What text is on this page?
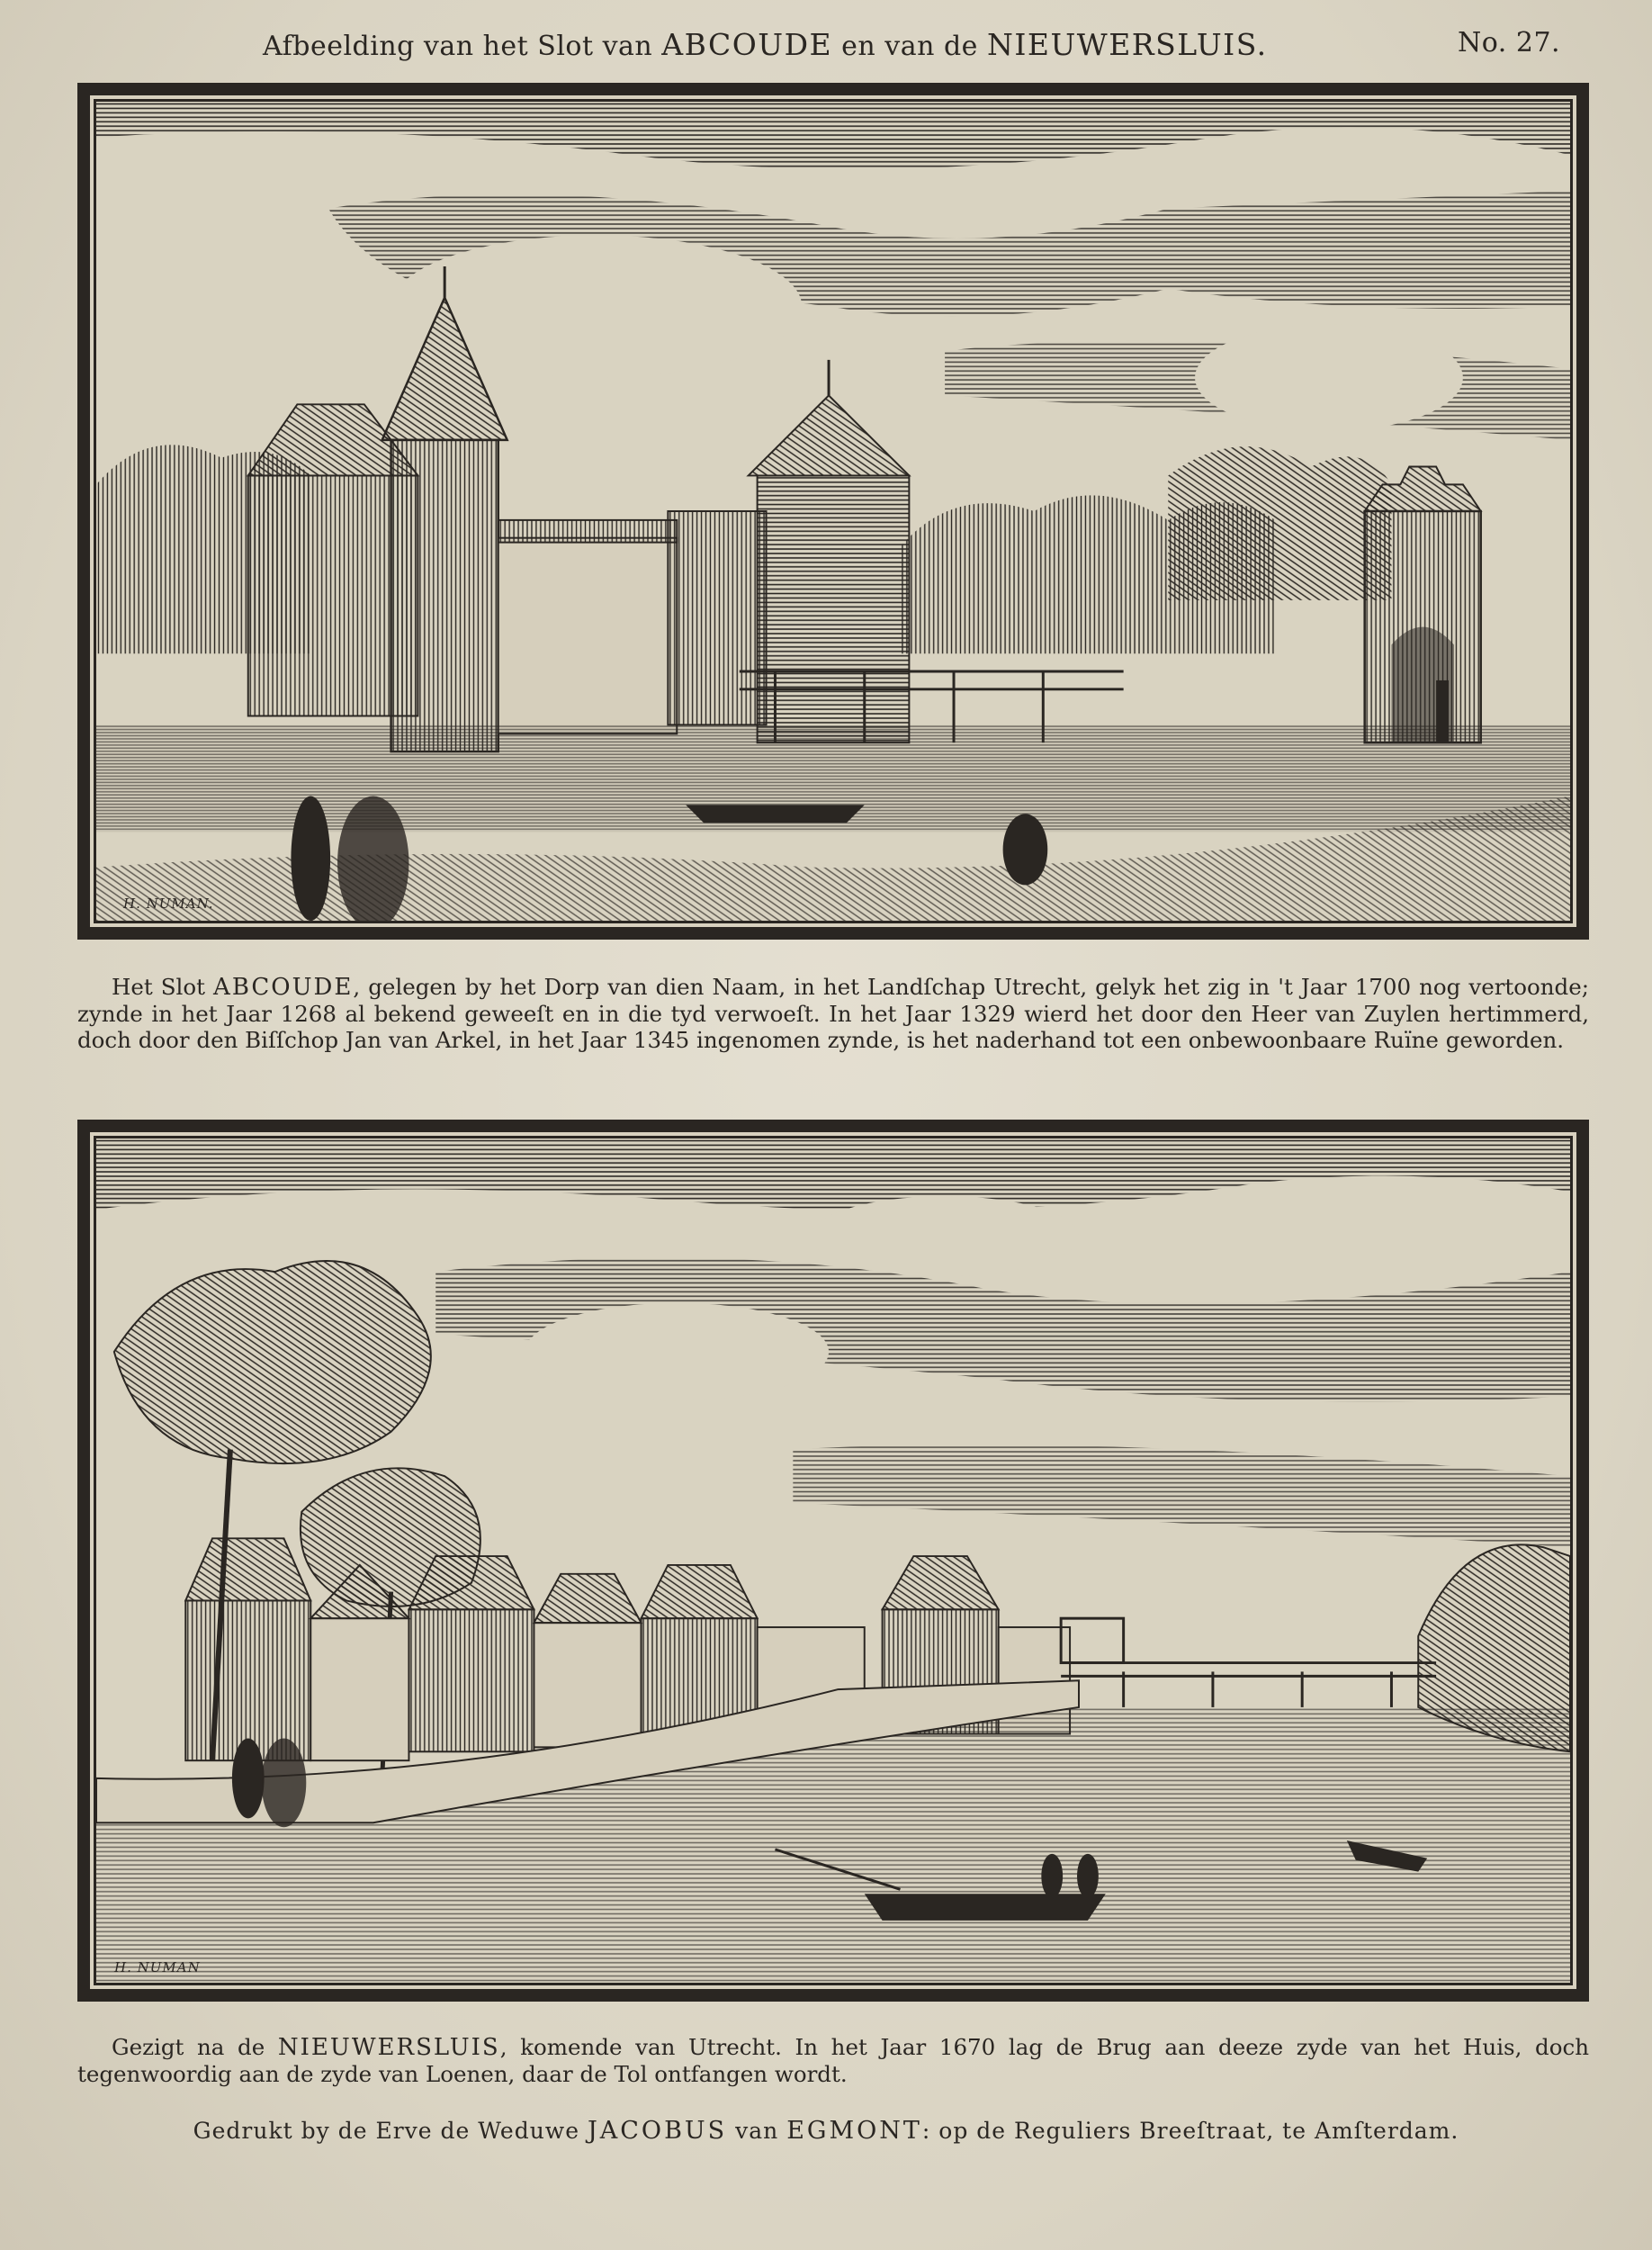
Afbeelding van het Slot van ABCOUDE en van de NIEUWERSLUIS.	No. 27.
H. NUMAN.
Het Slot ABCOUDE, gelegen by het Dorp van dien Naam, in het Landſchap Utrecht, gelyk het zig in 't Jaar 1700 nog vertoonde; zynde in het Jaar 1268 al bekend geweeſt en in die tyd verwoeſt. In het Jaar 1329 wierd het door den Heer van Zuylen hertimmerd, doch door den Biſſchop Jan van Arkel, in het Jaar 1345 ingenomen zynde, is het naderhand tot een onbewoonbaare Ruïne geworden.
H. NUMAN
Gezigt na de NIEUWERSLUIS, komende van Utrecht. In het Jaar 1670 lag de Brug aan deeze zyde van het Huis, doch tegenwoordig aan de zyde van Loenen, daar de Tol ontfangen wordt.
Gedrukt by de Erve de Weduwe JACOBUS van EGMONT: op de Reguliers Breeſtraat, te Amſterdam.
